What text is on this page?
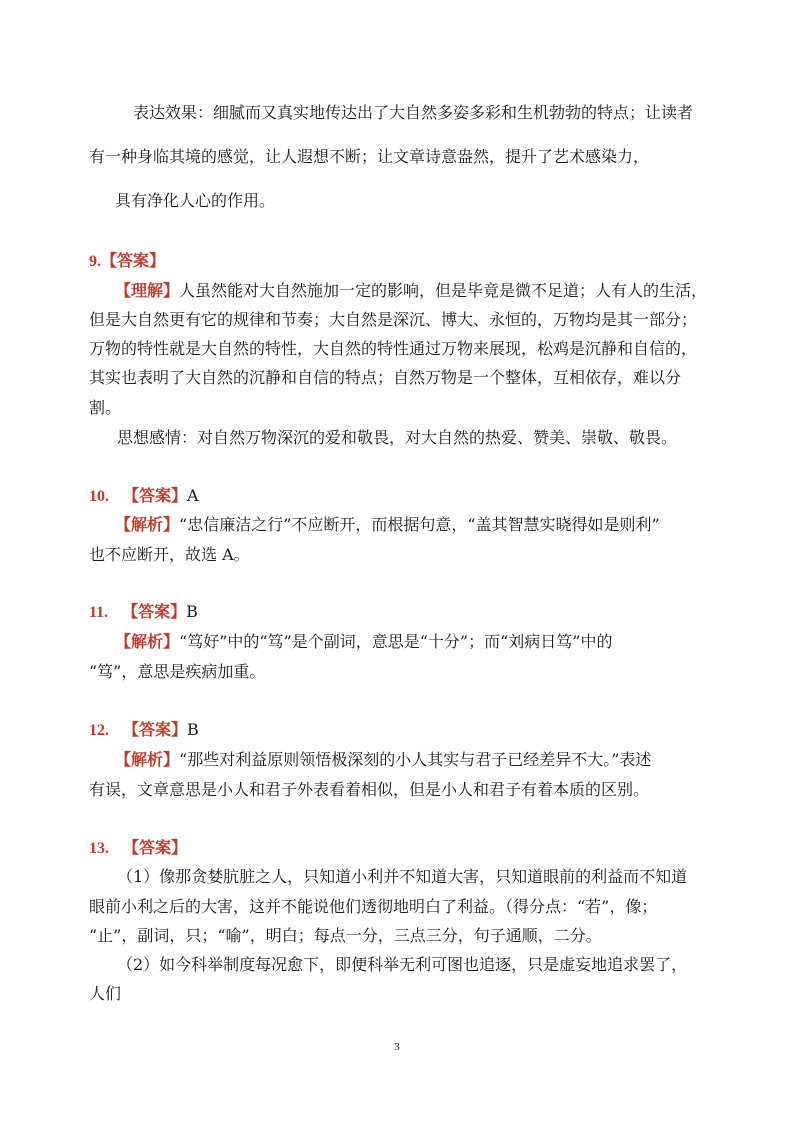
表达效果：细腻而又真实地传达出了大自然多姿多彩和生机勃勃的特点；让读者
有一种身临其境的感觉，让人遐想不断；让文章诗意盎然，提升了艺术感染力，
具有净化人心的作用。
9.【答案】
【理解】人虽然能对大自然施加一定的影响，但是毕竟是微不足道；人有人的生活，
但是大自然更有它的规律和节奏；大自然是深沉、博大、永恒的，万物均是其一部分；
万物的特性就是大自然的特性，大自然的特性通过万物来展现，松鸡是沉静和自信的，
其实也表明了大自然的沉静和自信的特点；自然万物是一个整体，互相依存，难以分
割。
思想感情：对自然万物深沉的爱和敬畏，对大自然的热爱、赞美、崇敬、敬畏。
10. 【答案】A
【解析】“忠信廉洁之行”不应断开，而根据句意，“盖其智慧实晓得如是则利”
也不应断开，故选 A。
11. 【答案】B
【解析】“笃好”中的“笃”是个副词，意思是“十分”；而“刘病日笃”中的
“笃”，意思是疾病加重。
12. 【答案】B
【解析】“那些对利益原则领悟极深刻的小人其实与君子已经差异不大。”表述
有误，文章意思是小人和君子外表看着相似，但是小人和君子有着本质的区别。
13. 【答案】
（1）像那贪婪肮脏之人，只知道小利并不知道大害，只知道眼前的利益而不知道
眼前小利之后的大害，这并不能说他们透彻地明白了利益。（得分点：“若”，像；
“止”，副词，只；“喻”，明白；每点一分，三点三分，句子通顺，二分。
（2）如今科举制度每况愈下，即便科举无利可图也追逐，只是虚妄地追求罢了，
人们
3
